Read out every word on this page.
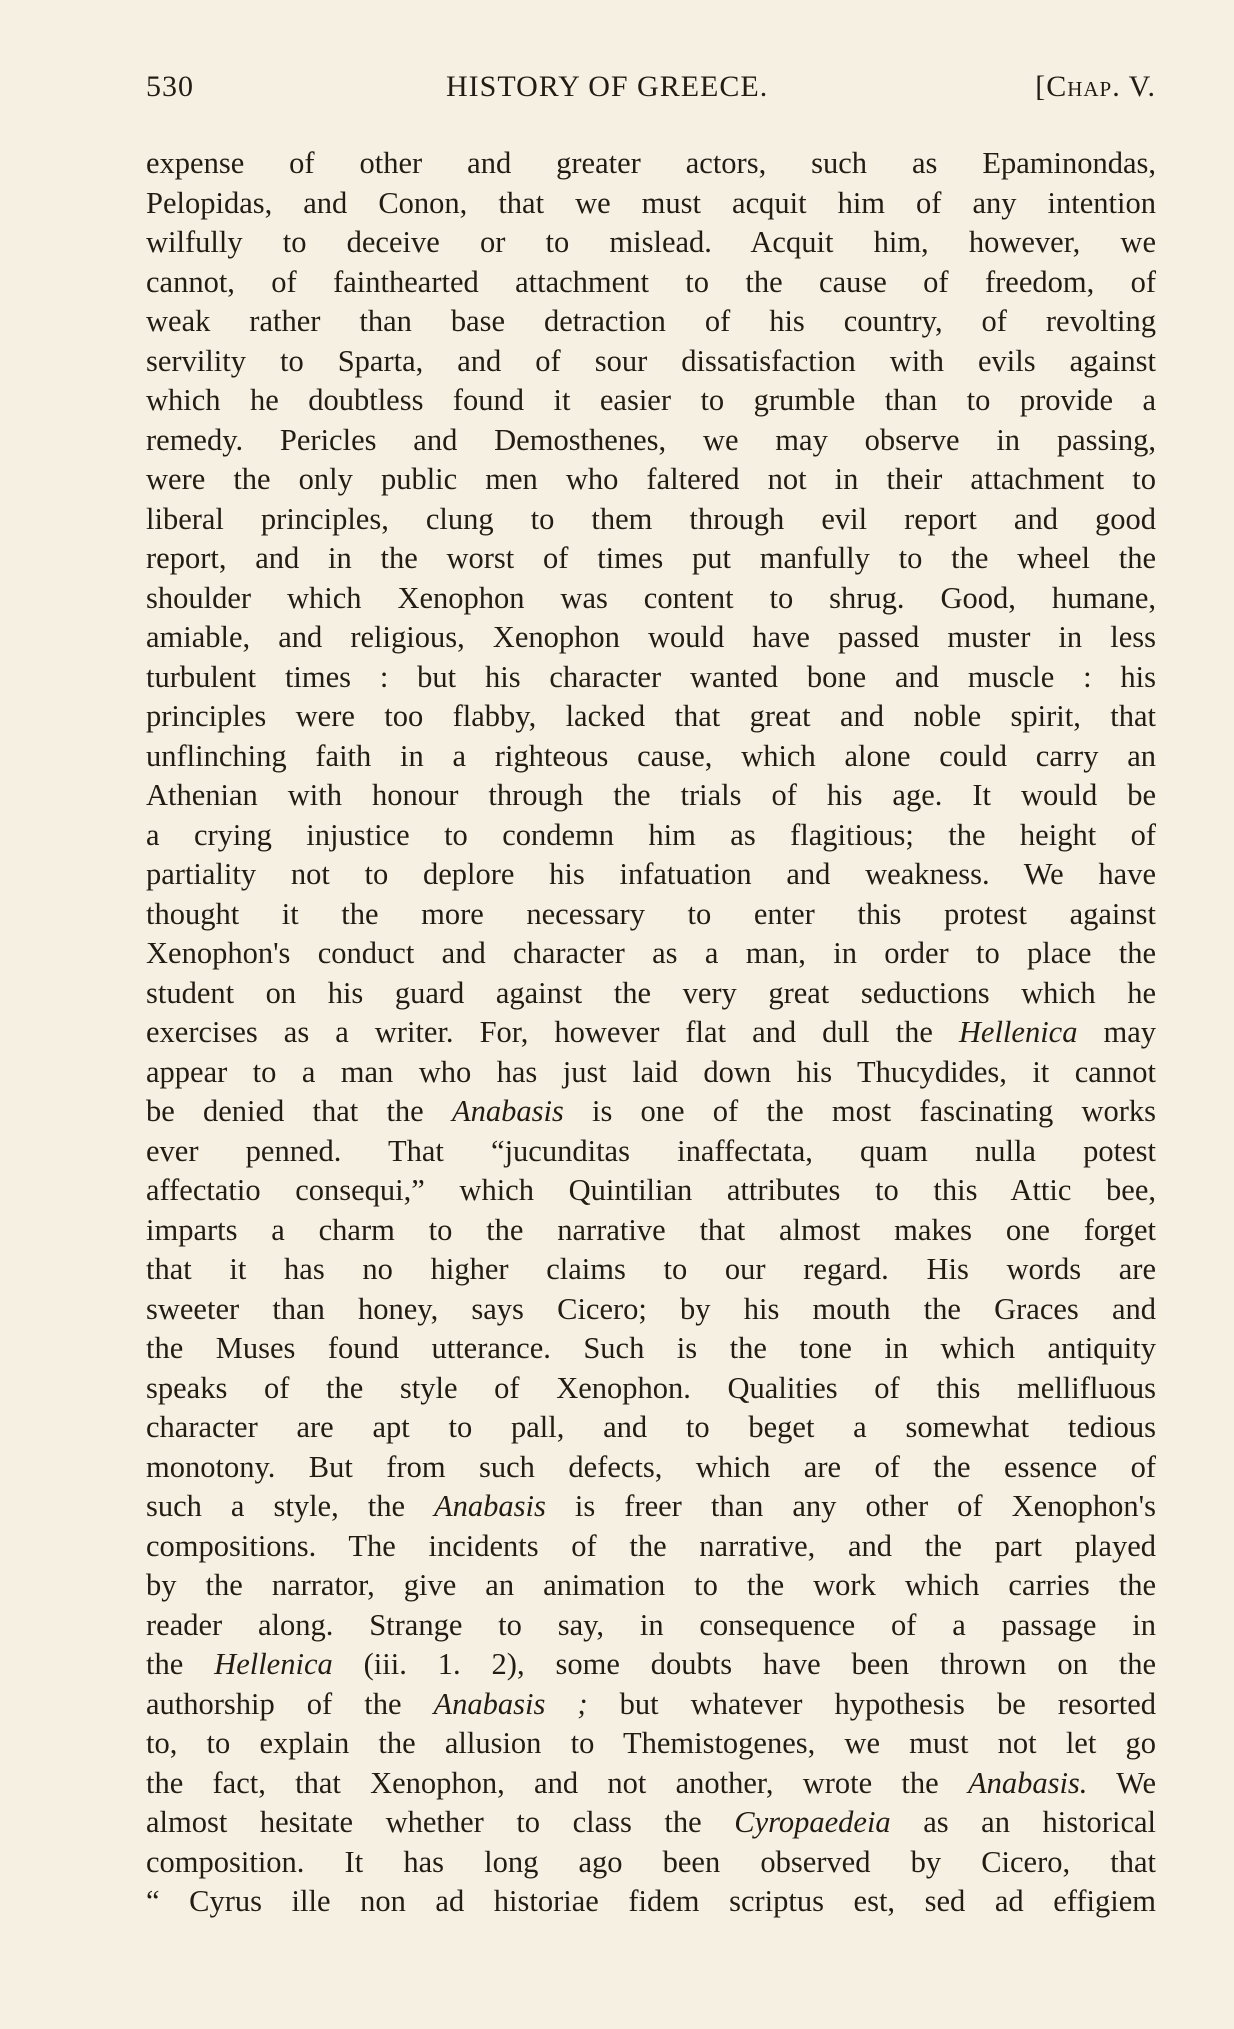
530	HISTORY OF GREECE.	[Chap. V.
expense of other and greater actors, such as Epaminondas,
Pelopidas, and Conon, that we must acquit him of any intention
wilfully to deceive or to mislead. Acquit him, however, we
cannot, of fainthearted attachment to the cause of freedom, of
weak rather than base detraction of his country, of revolting
servility to Sparta, and of sour dissatisfaction with evils against
which he doubtless found it easier to grumble than to provide a
remedy. Pericles and Demosthenes, we may observe in passing,
were the only public men who faltered not in their attachment to
liberal principles, clung to them through evil report and good
report, and in the worst of times put manfully to the wheel the
shoulder which Xenophon was content to shrug. Good, humane,
amiable, and religious, Xenophon would have passed muster in less
turbulent times : but his character wanted bone and muscle : his
principles were too flabby, lacked that great and noble spirit, that
unflinching faith in a righteous cause, which alone could carry an
Athenian with honour through the trials of his age. It would be
a crying injustice to condemn him as flagitious; the height of
partiality not to deplore his infatuation and weakness. We have
thought it the more necessary to enter this protest against
Xenophon's conduct and character as a man, in order to place the
student on his guard against the very great seductions which he
exercises as a writer. For, however flat and dull the Hellenica may
appear to a man who has just laid down his Thucydides, it cannot
be denied that the Anabasis is one of the most fascinating works
ever penned. That “jucunditas inaffectata, quam nulla potest
affectatio consequi,” which Quintilian attributes to this Attic bee,
imparts a charm to the narrative that almost makes one forget
that it has no higher claims to our regard. His words are
sweeter than honey, says Cicero; by his mouth the Graces and
the Muses found utterance. Such is the tone in which antiquity
speaks of the style of Xenophon. Qualities of this mellifluous
character are apt to pall, and to beget a somewhat tedious
monotony. But from such defects, which are of the essence of
such a style, the Anabasis is freer than any other of Xenophon's
compositions. The incidents of the narrative, and the part played
by the narrator, give an animation to the work which carries the
reader along. Strange to say, in consequence of a passage in
the Hellenica (iii. 1. 2), some doubts have been thrown on the
authorship of the Anabasis ; but whatever hypothesis be resorted
to, to explain the allusion to Themistogenes, we must not let go
the fact, that Xenophon, and not another, wrote the Anabasis. We
almost hesitate whether to class the Cyropaedeia as an historical
composition. It has long ago been observed by Cicero, that
“ Cyrus ille non ad historiae fidem scriptus est, sed ad effigiem
